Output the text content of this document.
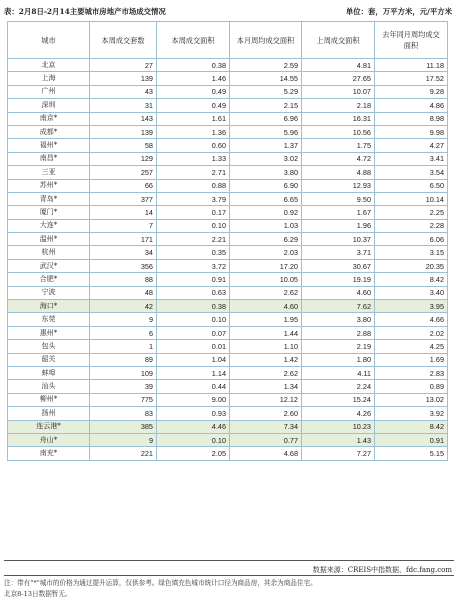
表：2月8日-2月14主要城市房地产市场成交情况	单位：套，万平方米，元/平方米
城市	本周成交套数	本周成交面积	本月周均成交面积	上周成交面积	去年同月周均成交面积
北京	27	0.38	2.59	4.81	11.18
上海	139	1.46	14.55	27.65	17.52
广州	43	0.49	5.29	10.07	9.28
深圳	31	0.49	2.15	2.18	4.86
南京*	143	1.61	6.96	16.31	8.98
成都*	139	1.36	5.96	10.56	9.98
福州*	58	0.60	1.37	1.75	4.27
南昌*	129	1.33	3.02	4.72	3.41
三亚	257	2.71	3.80	4.88	3.54
苏州*	66	0.88	6.90	12.93	6.50
青岛*	377	3.79	6.65	9.50	10.14
厦门*	14	0.17	0.92	1.67	2.25
大连*	7	0.10	1.03	1.96	2.28
温州*	171	2.21	6.29	10.37	6.06
杭州	34	0.35	2.03	3.71	3.15
武汉*	356	3.72	17.20	30.67	20.35
合肥*	88	0.91	10.05	19.19	8.42
宁波	48	0.63	2.62	4.60	3.40
海口*	42	0.38	4.60	7.62	3.95
东莞	9	0.10	1.95	3.80	4.66
惠州*	6	0.07	1.44	2.88	2.02
包头	1	0.01	1.10	2.19	4.25
韶关	89	1.04	1.42	1.80	1.69
蚌埠	109	1.14	2.62	4.11	2.83
汕头	39	0.44	1.34	2.24	0.89
柳州*	775	9.00	12.12	15.24	13.02
扬州	83	0.93	2.60	4.26	3.92
连云港*	385	4.46	7.34	10.23	8.42
舟山*	9	0.10	0.77	1.43	0.91
南充*	221	2.05	4.68	7.27	5.15
数据来源：CREIS中指数据，fdc.fang.com
注：带有"*"城市的价格为通过提升运算，仅供参考。绿色填充色城市统计口径为商品房，其余为商品住宅。
北京8-13日数据暂无。
